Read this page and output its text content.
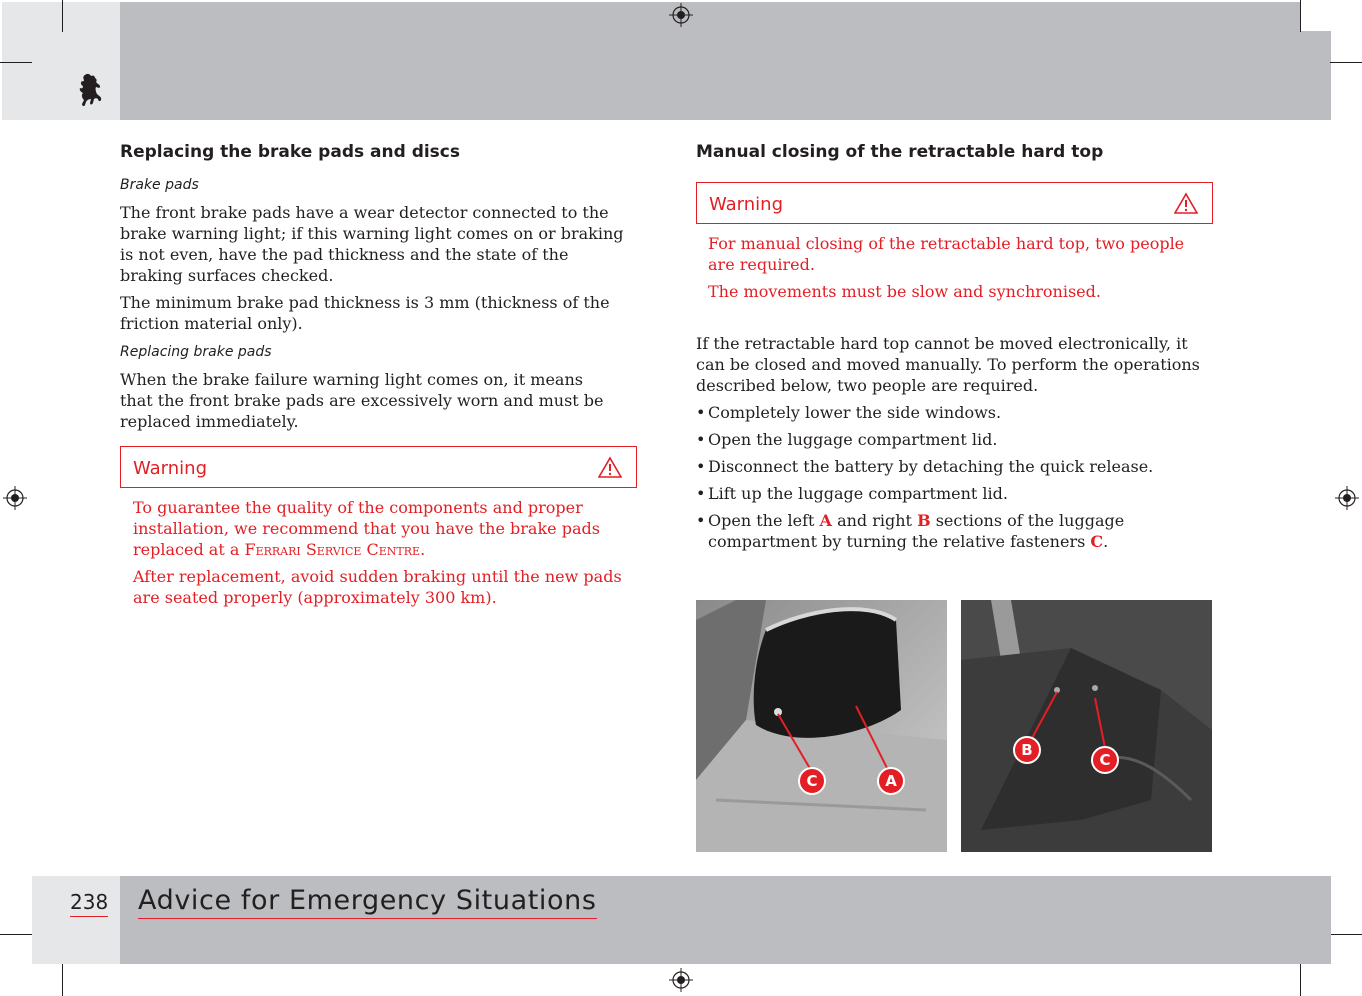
Replacing the brake pads and discs
Brake pads

The front brake pads have a wear detector connected to the brake warning light; if this warning light comes on or braking is not even, have the pad thickness and the state of the braking surfaces checked.

The minimum brake pad thickness is 3 mm (thickness of the friction material only).

Replacing brake pads

When the brake failure warning light comes on, it means that the front brake pads are excessively worn and must be replaced immediately.

Warning

To guarantee the quality of the components and proper installation, we recommend that you have the brake pads replaced at a Ferrari Service Centre.

After replacement, avoid sudden braking until the new pads are seated properly (approximately 300 km).

Manual closing of the retractable hard top
Warning

For manual closing of the retractable hard top, two people are required.

The movements must be slow and synchronised.

If the retractable hard top cannot be moved electronically, it can be closed and moved manually. To perform the operations described below, two people are required.

• Completely lower the side windows.
• Open the luggage compartment lid.
• Disconnect the battery by detaching the quick release.
• Lift up the luggage compartment lid.
• Open the left A and right B sections of the luggage compartment by turning the relative fasteners C.
C	A
B
C
238 Advice for Emergency Situations
